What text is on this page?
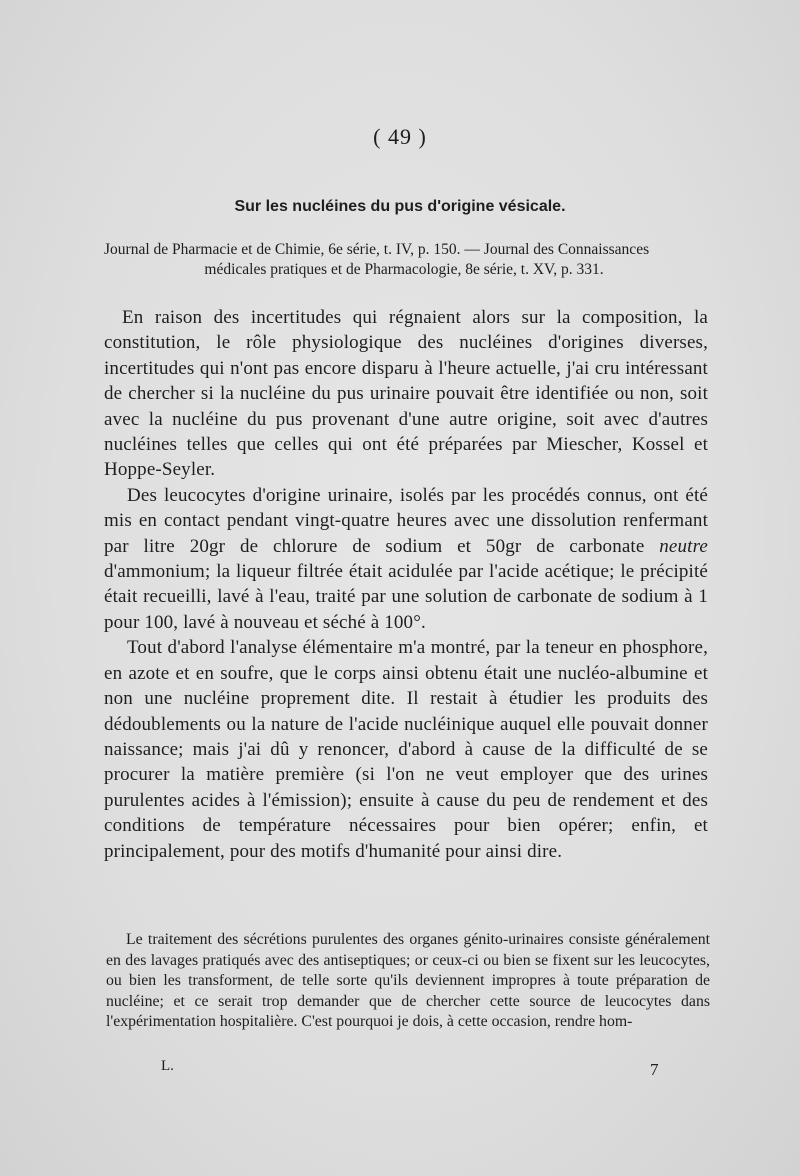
( 49 )
Sur les nucléines du pus d'origine vésicale.
Journal de Pharmacie et de Chimie, 6e série, t. IV, p. 150. — Journal des Connaissances
médicales pratiques et de Pharmacologie, 8e série, t. XV, p. 331.

En raison des incertitudes qui régnaient alors sur la composition, la constitution, le rôle physiologique des nucléines d'origines diverses, incertitudes qui n'ont pas encore disparu à l'heure actuelle, j'ai cru intéressant de chercher si la nucléine du pus urinaire pouvait être identifiée ou non, soit avec la nucléine du pus provenant d'une autre origine, soit avec d'autres nucléines telles que celles qui ont été préparées par Miescher, Kossel et Hoppe-Seyler.

Des leucocytes d'origine urinaire, isolés par les procédés connus, ont été mis en contact pendant vingt-quatre heures avec une dissolution renfermant par litre 20gr de chlorure de sodium et 50gr de carbonate neutre d'ammonium; la liqueur filtrée était acidulée par l'acide acétique; le précipité était recueilli, lavé à l'eau, traité par une solution de carbonate de sodium à 1 pour 100, lavé à nouveau et séché à 100°.

Tout d'abord l'analyse élémentaire m'a montré, par la teneur en phosphore, en azote et en soufre, que le corps ainsi obtenu était une nucléo-albumine et non une nucléine proprement dite. Il restait à étudier les produits des dédoublements ou la nature de l'acide nucléinique auquel elle pouvait donner naissance; mais j'ai dû y renoncer, d'abord à cause de la difficulté de se procurer la matière première (si l'on ne veut employer que des urines purulentes acides à l'émission); ensuite à cause du peu de rendement et des conditions de température nécessaires pour bien opérer; enfin, et principalement, pour des motifs d'humanité pour ainsi dire.

Le traitement des sécrétions purulentes des organes génito-urinaires consiste généralement en des lavages pratiqués avec des antiseptiques; or ceux-ci ou bien se fixent sur les leucocytes, ou bien les transforment, de telle sorte qu'ils deviennent impropres à toute préparation de nucléine; et ce serait trop demander que de chercher cette source de leucocytes dans l'expérimentation hospitalière. C'est pourquoi je dois, à cette occasion, rendre hom-

L.	7
